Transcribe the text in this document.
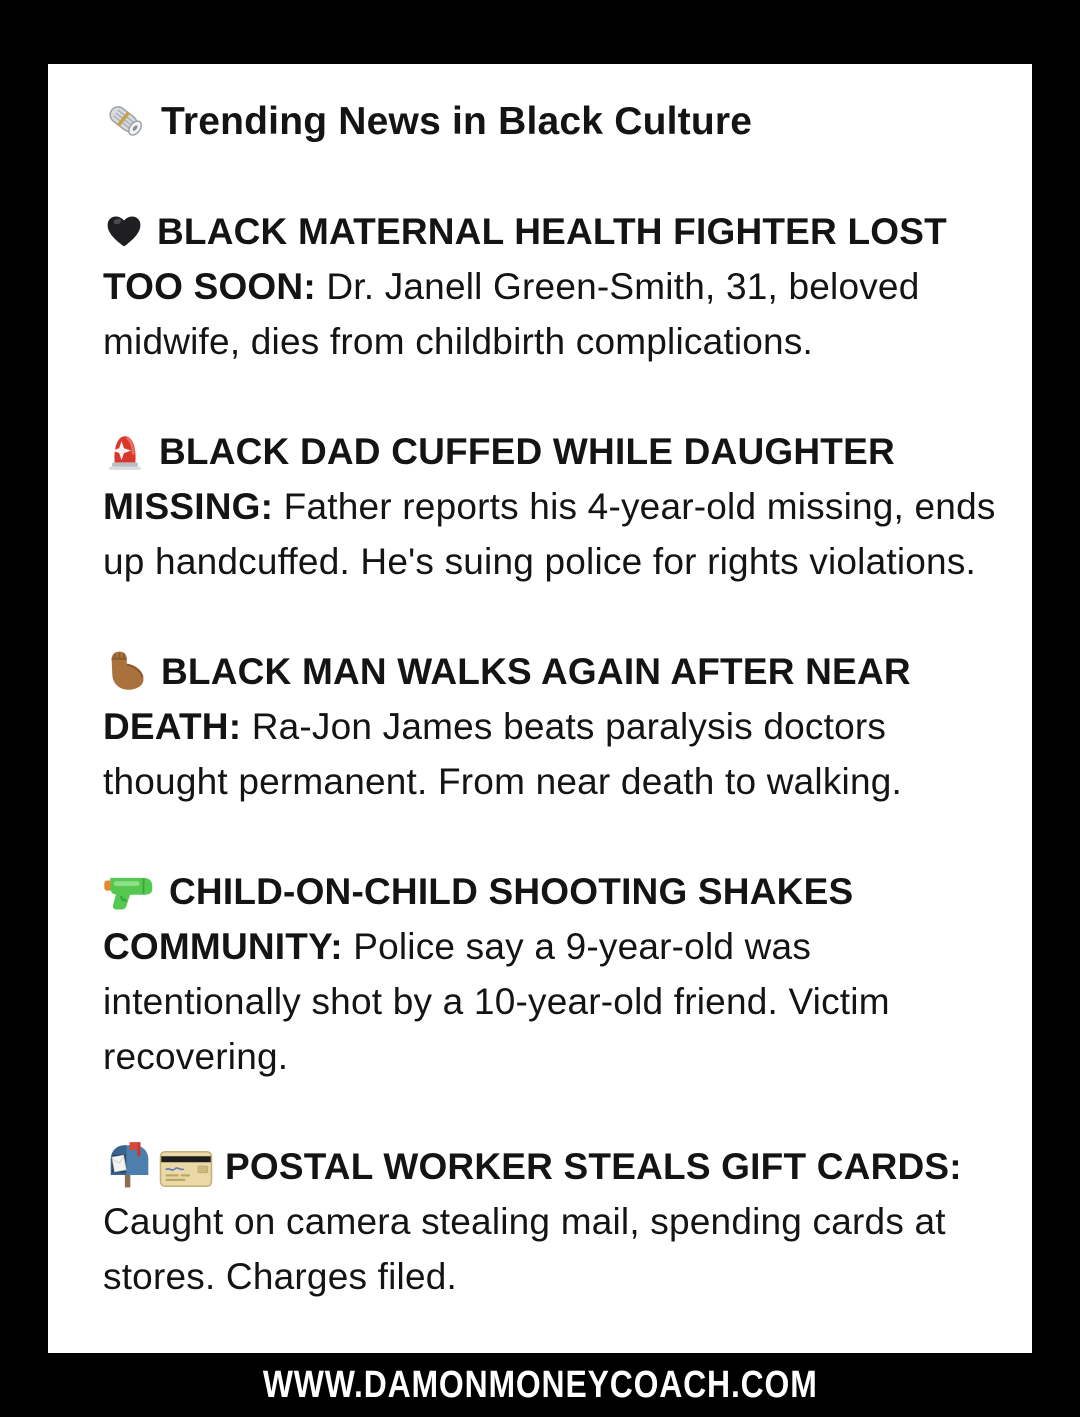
Trending News in Black Culture

BLACK MATERNAL HEALTH FIGHTER LOST TOO SOON: Dr. Janell Green-Smith, 31, beloved midwife, dies from childbirth complications.

BLACK DAD CUFFED WHILE DAUGHTER MISSING: Father reports his 4-year-old missing, ends up handcuffed. He's suing police for rights violations.

BLACK MAN WALKS AGAIN AFTER NEAR DEATH: Ra-Jon James beats paralysis doctors thought permanent. From near death to walking.

CHILD-ON-CHILD SHOOTING SHAKES COMMUNITY: Police say a 9-year-old was intentionally shot by a 10-year-old friend. Victim recovering.

POSTAL WORKER STEALS GIFT CARDS: Caught on camera stealing mail, spending cards at stores. Charges filed.

WWW.DAMONMONEYCOACH.COM
